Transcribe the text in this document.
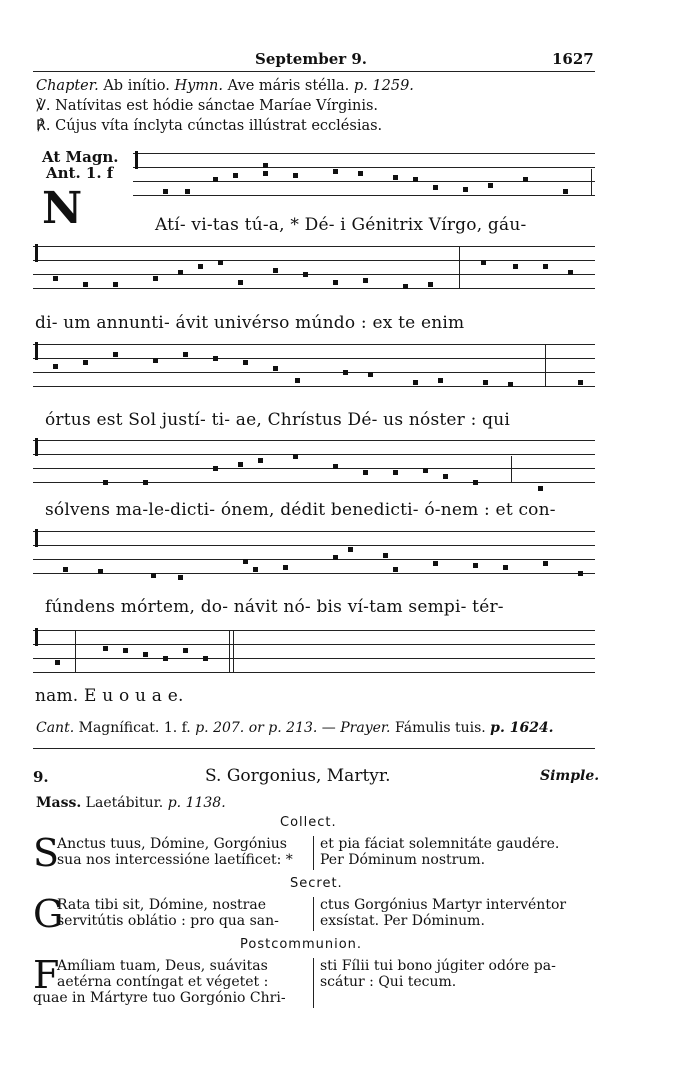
September 9.	1627
Chapter. Ab inítio. Hymn. Ave máris stélla. p. 1259.
℣. Natívitas est hódie sánctae Maríae Vírginis.
℟. Cújus víta ínclyta cúnctas illústrat ecclésias.
At Magn.
Ant. 1. f
N	Atí- vi-tas tú-a, * Dé- i Génitrix Vírgo, gáu-
di- um annunti- ávit univérso múndo : ex te enim
órtus est Sol justí- ti- ae, Chrístus Dé- us nóster : qui
sólvens ma-le-dicti- ónem, dédit benedicti- ó-nem : et con-
fúndens mórtem, do- návit nó- bis ví-tam sempi- tér-
nam. E u o u a e.
Cant. Magníficat. 1. f. p. 207. or p. 213. — Prayer. Fámulis tuis. p. 1624.
9.	S. Gorgonius, Martyr.	Simple.
Mass. Laetábitur. p. 1138.
Collect.
S
Anctus tuus, Dómine, Gorgónius
sua nos intercessióne laetíficet: *
et pia fáciat solemnitáte gaudére.
Per Dóminum nostrum.
Secret.
G
Rata tibi sit, Dómine, nostrae
servitútis oblátio : pro qua san-
ctus Gorgónius Martyr intervéntor
exsístat. Per Dóminum.
Postcommunion.
F
Amíliam tuam, Deus, suávitas
aetérna contíngat et végetet :
quae in Mártyre tuo Gorgónio Chri-
sti Fílii tui bono júgiter odóre pa-
scátur : Qui tecum.
